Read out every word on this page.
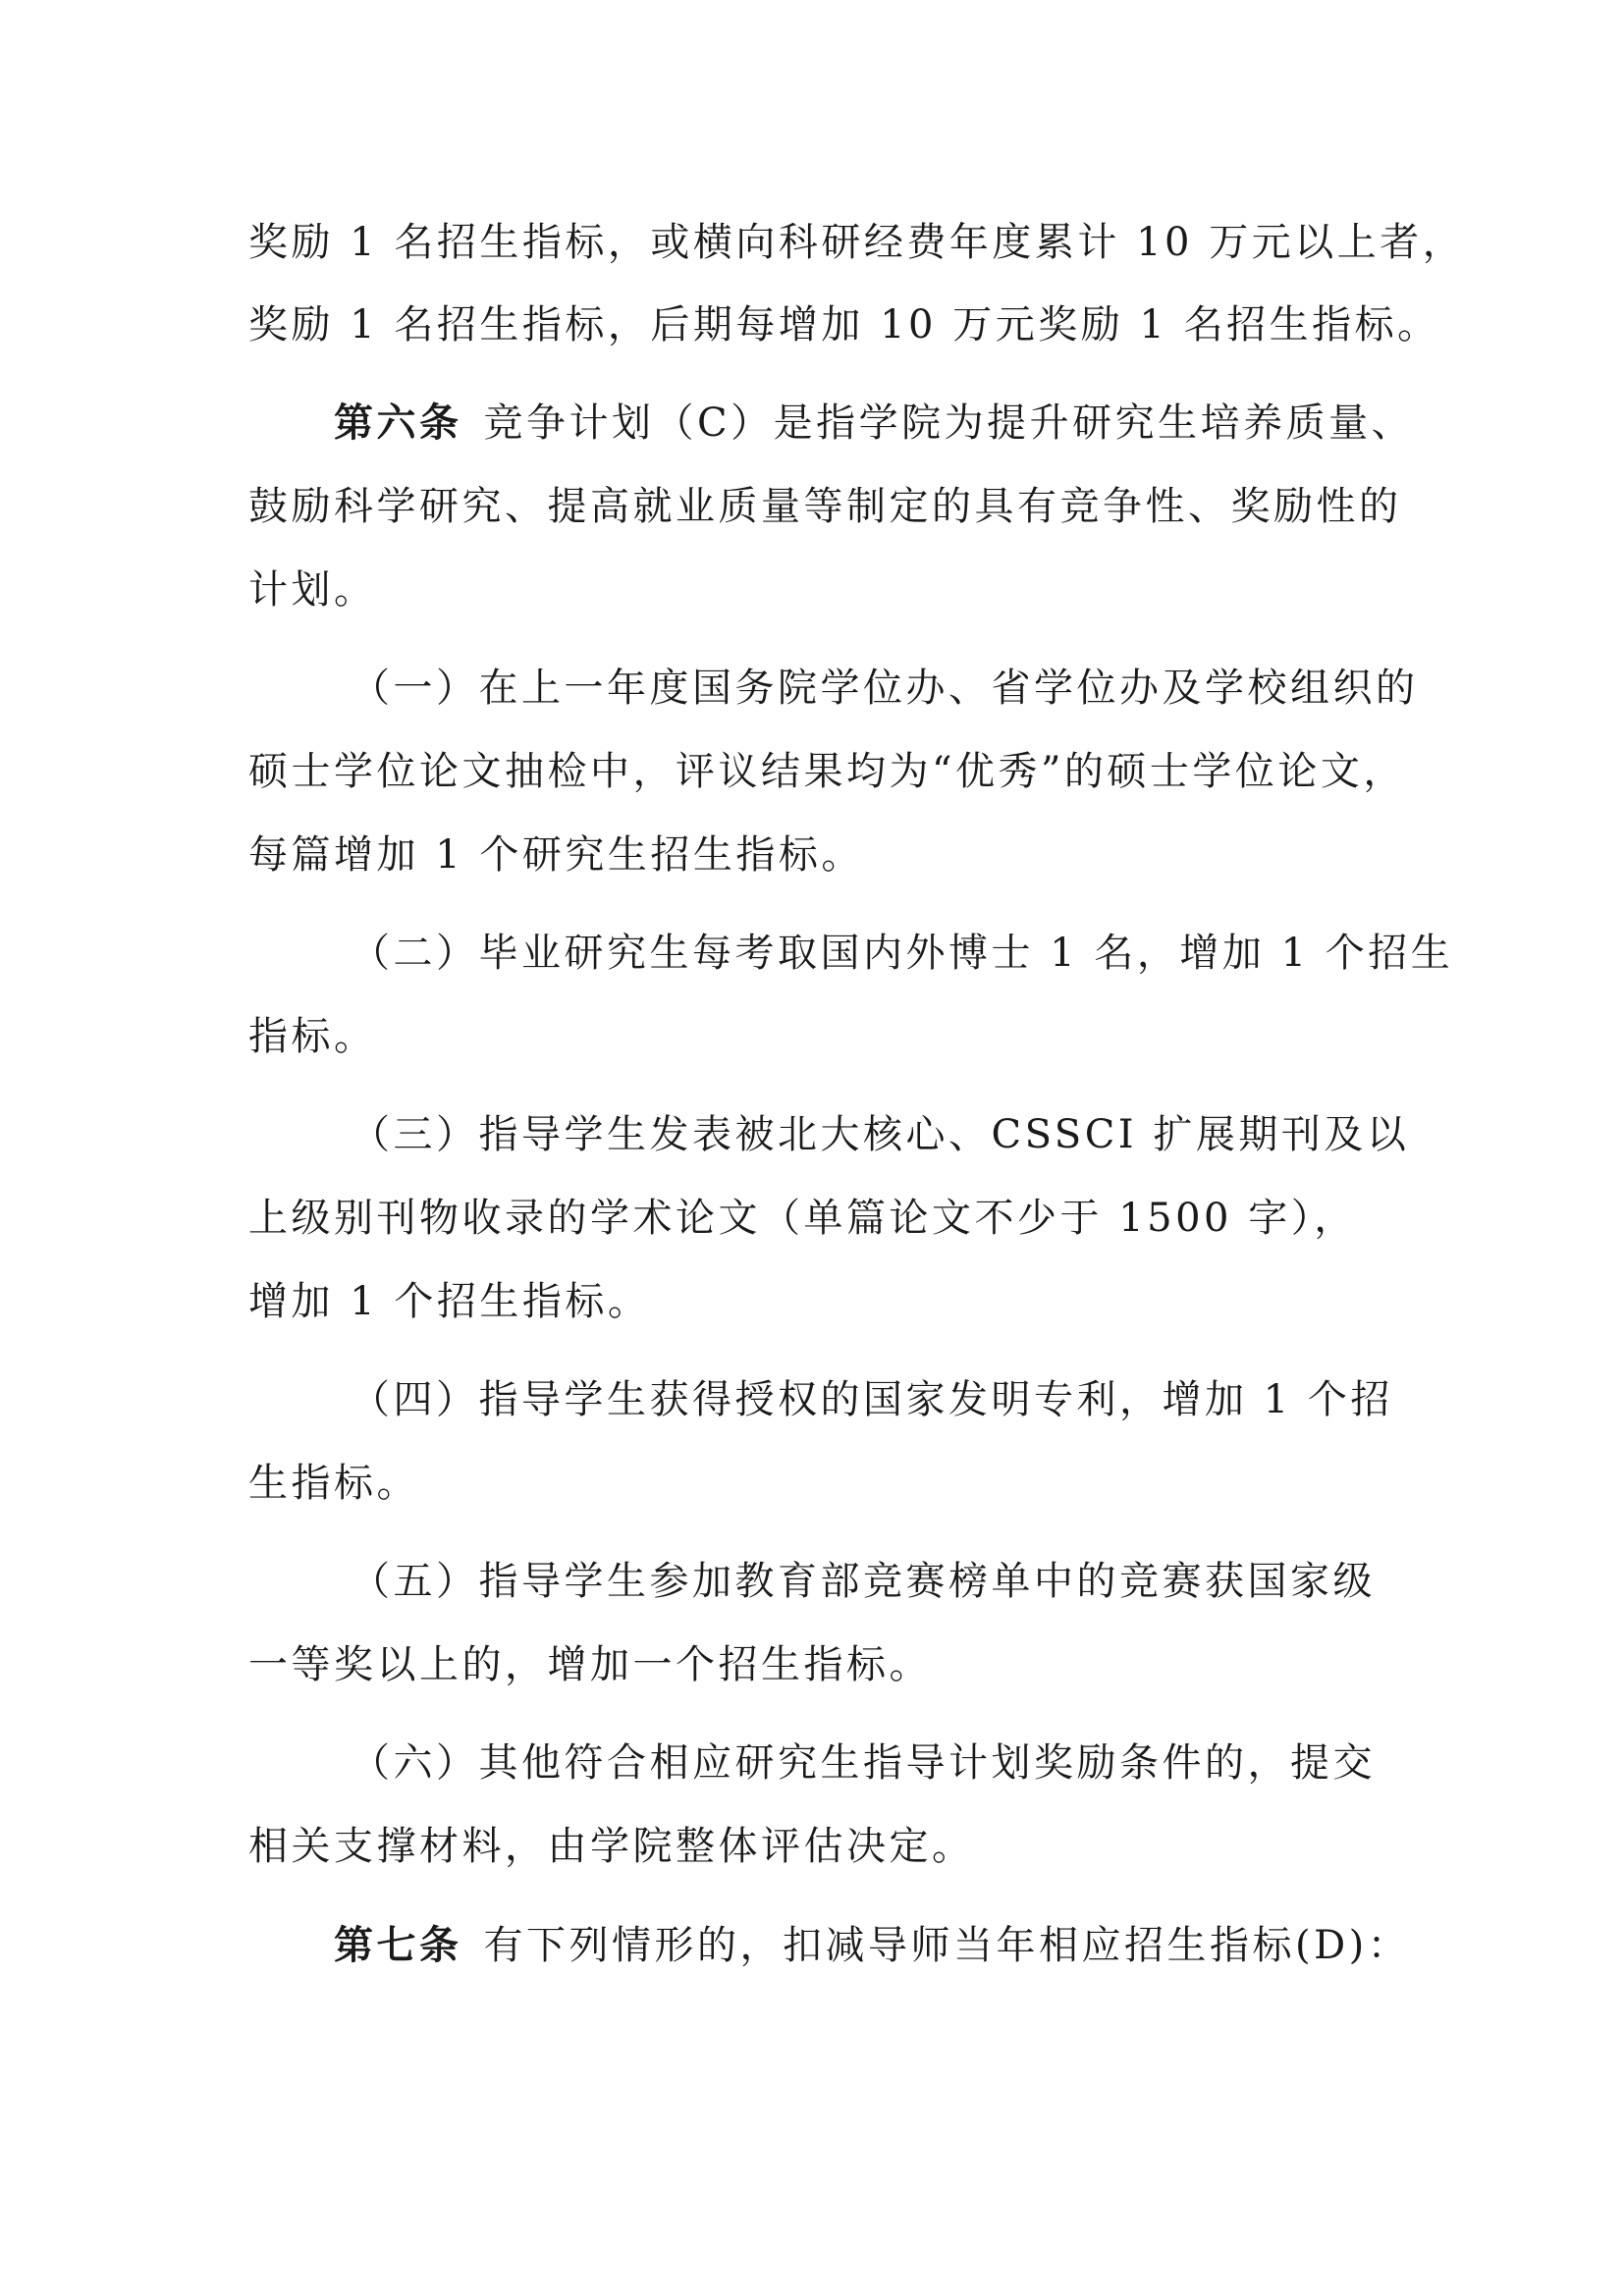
奖励 1 名招生指标，或横向科研经费年度累计 10 万元以上者，
奖励 1 名招生指标，后期每增加 10 万元奖励 1 名招生指标。
第六条 竞争计划（C）是指学院为提升研究生培养质量、
鼓励科学研究、提高就业质量等制定的具有竞争性、奖励性的
计划。
（一）在上一年度国务院学位办、省学位办及学校组织的
硕士学位论文抽检中，评议结果均为“优秀”的硕士学位论文，
每篇增加 1 个研究生招生指标。
（二）毕业研究生每考取国内外博士 1 名，增加 1 个招生
指标。
（三）指导学生发表被北大核心、CSSCI 扩展期刊及以
上级别刊物收录的学术论文（单篇论文不少于 1500 字），
增加 1 个招生指标。
（四）指导学生获得授权的国家发明专利，增加 1 个招
生指标。
（五）指导学生参加教育部竞赛榜单中的竞赛获国家级
一等奖以上的，增加一个招生指标。
（六）其他符合相应研究生指导计划奖励条件的，提交
相关支撑材料，由学院整体评估决定。
第七条 有下列情形的，扣减导师当年相应招生指标(D)：
